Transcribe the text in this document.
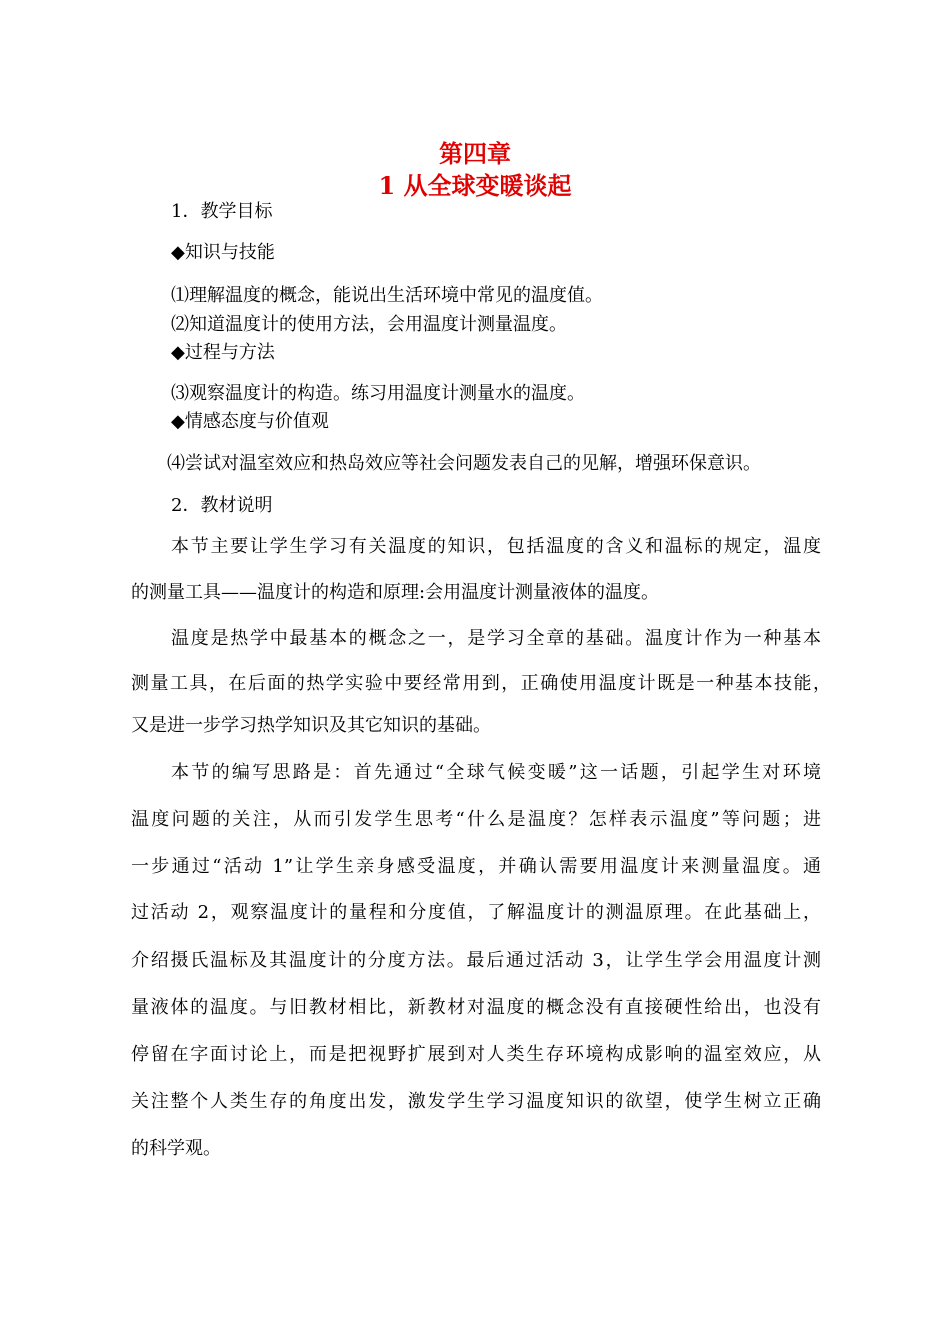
第四章
1 从全球变暖谈起
1．教学目标
◆知识与技能
⑴理解温度的概念，能说出生活环境中常见的温度值。
⑵知道温度计的使用方法，会用温度计测量温度。
◆过程与方法
⑶观察温度计的构造。练习用温度计测量水的温度。
◆情感态度与价值观
⑷尝试对温室效应和热岛效应等社会问题发表自己的见解，增强环保意识。
2．教材说明
本节主要让学生学习有关温度的知识，包括温度的含义和温标的规定，温度
的测量工具——温度计的构造和原理:会用温度计测量液体的温度。
温度是热学中最基本的概念之一，是学习全章的基础。温度计作为一种基本
测量工具，在后面的热学实验中要经常用到，正确使用温度计既是一种基本技能，
又是进一步学习热学知识及其它知识的基础。
本节的编写思路是：首先通过“全球气候变暖”这一话题，引起学生对环境
温度问题的关注，从而引发学生思考“什么是温度？怎样表示温度”等问题；进
一步通过“活动 1”让学生亲身感受温度，并确认需要用温度计来测量温度。通
过活动 2，观察温度计的量程和分度值，了解温度计的测温原理。在此基础上，
介绍摄氏温标及其温度计的分度方法。最后通过活动 3，让学生学会用温度计测
量液体的温度。与旧教材相比，新教材对温度的概念没有直接硬性给出，也没有
停留在字面讨论上，而是把视野扩展到对人类生存环境构成影响的温室效应，从
关注整个人类生存的角度出发，激发学生学习温度知识的欲望，使学生树立正确
的科学观。
